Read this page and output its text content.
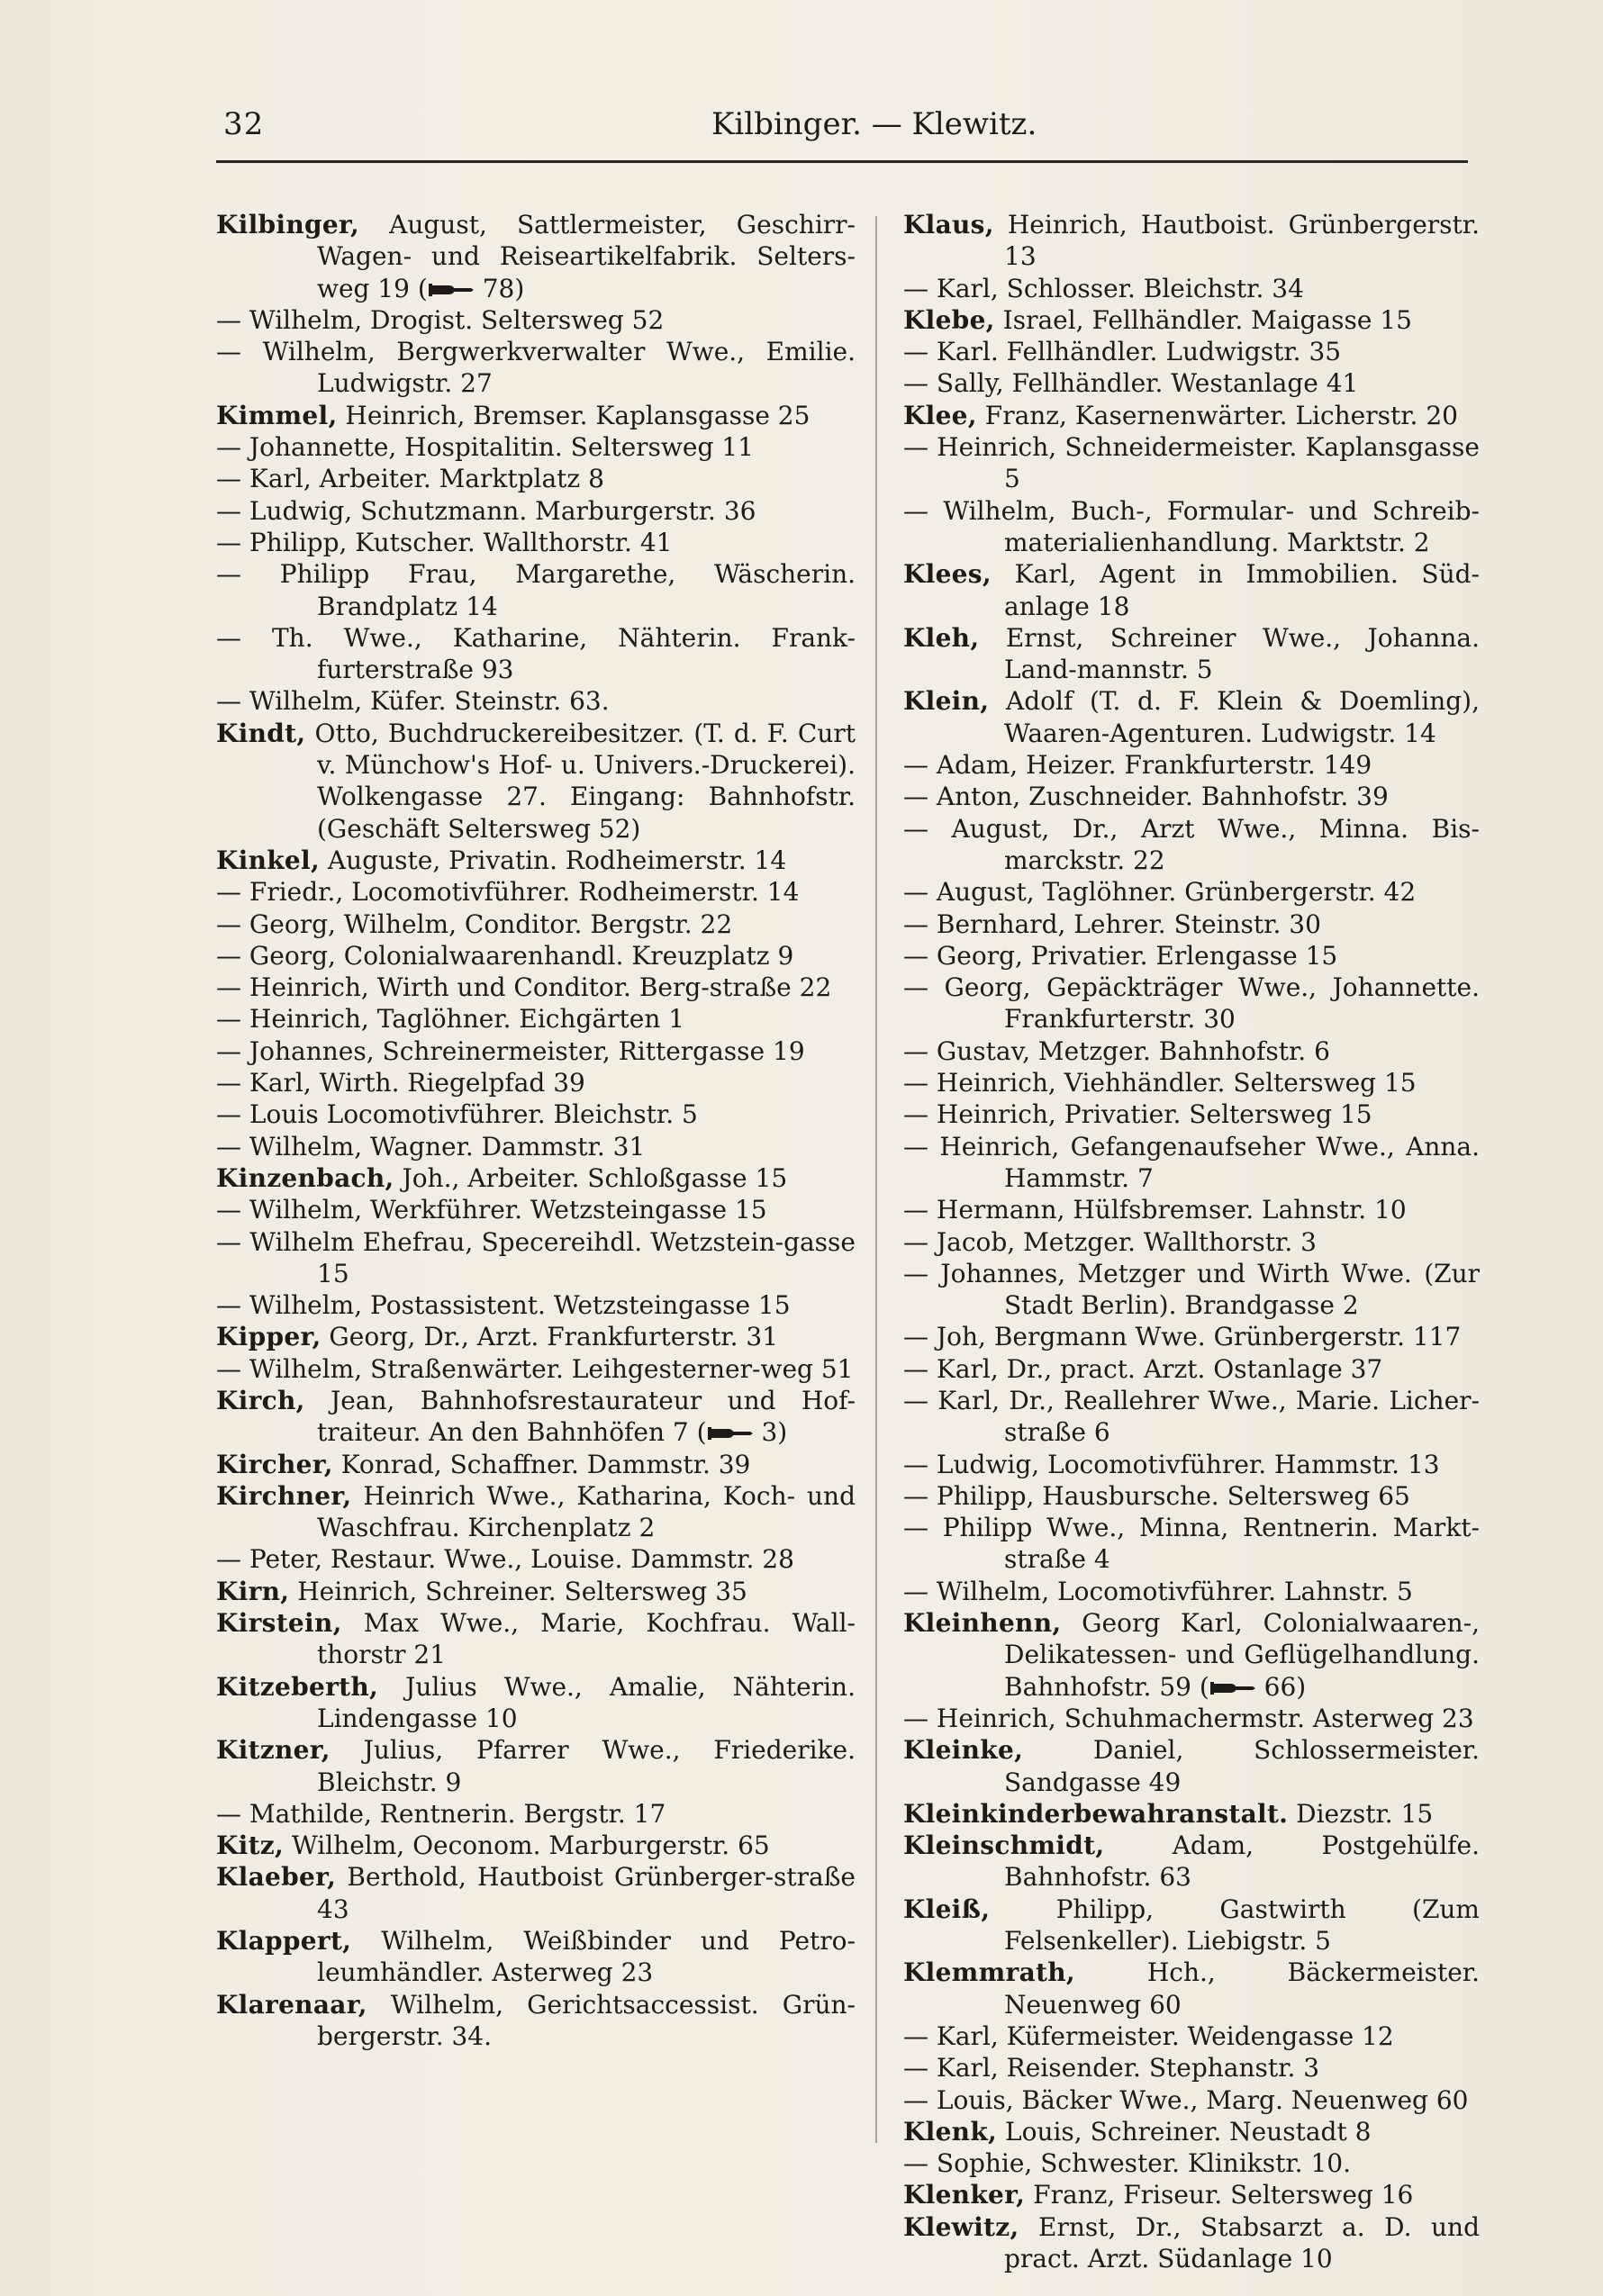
32	Kilbinger. — Klewitz.
Kilbinger, August, Sattlermeister, Geschirr- Wagen- und Reiseartikelfabrik. Selters-weg 19 ( 78)
— Wilhelm, Drogist. Seltersweg 52
— Wilhelm, Bergwerkverwalter Wwe., Emilie. Ludwigstr. 27
Kimmel, Heinrich, Bremser. Kaplansgasse 25
— Johannette, Hospitalitin. Seltersweg 11
— Karl, Arbeiter. Marktplatz 8
— Ludwig, Schutzmann. Marburgerstr. 36
— Philipp, Kutscher. Wallthorstr. 41
— Philipp Frau, Margarethe, Wäscherin. Brandplatz 14
— Th. Wwe., Katharine, Nähterin. Frank-furterstraße 93
— Wilhelm, Küfer. Steinstr. 63.
Kindt, Otto, Buchdruckereibesitzer. (T. d. F. Curt v. Münchow's Hof- u. Univers.-Druckerei). Wolkengasse 27. Eingang: Bahnhofstr. (Geschäft Seltersweg 52)
Kinkel, Auguste, Privatin. Rodheimerstr. 14
— Friedr., Locomotivführer. Rodheimerstr. 14
— Georg, Wilhelm, Conditor. Bergstr. 22
— Georg, Colonialwaarenhandl. Kreuzplatz 9
— Heinrich, Wirth und Conditor. Berg-straße 22
— Heinrich, Taglöhner. Eichgärten 1
— Johannes, Schreinermeister, Rittergasse 19
— Karl, Wirth. Riegelpfad 39
— Louis Locomotivführer. Bleichstr. 5
— Wilhelm, Wagner. Dammstr. 31
Kinzenbach, Joh., Arbeiter. Schloßgasse 15
— Wilhelm, Werkführer. Wetzsteingasse 15
— Wilhelm Ehefrau, Specereihdl. Wetzstein-gasse 15
— Wilhelm, Postassistent. Wetzsteingasse 15
Kipper, Georg, Dr., Arzt. Frankfurterstr. 31
— Wilhelm, Straßenwärter. Leihgesterner-weg 51
Kirch, Jean, Bahnhofsrestaurateur und Hof-traiteur. An den Bahnhöfen 7 ( 3)
Kircher, Konrad, Schaffner. Dammstr. 39
Kirchner, Heinrich Wwe., Katharina, Koch- und Waschfrau. Kirchenplatz 2
— Peter, Restaur. Wwe., Louise. Dammstr. 28
Kirn, Heinrich, Schreiner. Seltersweg 35
Kirstein, Max Wwe., Marie, Kochfrau. Wall-thorstr 21
Kitzeberth, Julius Wwe., Amalie, Nähterin. Lindengasse 10
Kitzner, Julius, Pfarrer Wwe., Friederike. Bleichstr. 9
— Mathilde, Rentnerin. Bergstr. 17
Kitz, Wilhelm, Oeconom. Marburgerstr. 65
Klaeber, Berthold, Hautboist Grünberger-straße 43
Klappert, Wilhelm, Weißbinder und Petro-leumhändler. Asterweg 23
Klarenaar, Wilhelm, Gerichtsaccessist. Grün-bergerstr. 34.
Klaus, Heinrich, Hautboist. Grünbergerstr. 13
— Karl, Schlosser. Bleichstr. 34
Klebe, Israel, Fellhändler. Maigasse 15
— Karl. Fellhändler. Ludwigstr. 35
— Sally, Fellhändler. Westanlage 41
Klee, Franz, Kasernenwärter. Licherstr. 20
— Heinrich, Schneidermeister. Kaplansgasse 5
— Wilhelm, Buch-, Formular- und Schreib-materialienhandlung. Marktstr. 2
Klees, Karl, Agent in Immobilien. Süd-anlage 18
Kleh, Ernst, Schreiner Wwe., Johanna. Land-mannstr. 5
Klein, Adolf (T. d. F. Klein & Doemling), Waaren-Agenturen. Ludwigstr. 14
— Adam, Heizer. Frankfurterstr. 149
— Anton, Zuschneider. Bahnhofstr. 39
— August, Dr., Arzt Wwe., Minna. Bis-marckstr. 22
— August, Taglöhner. Grünbergerstr. 42
— Bernhard, Lehrer. Steinstr. 30
— Georg, Privatier. Erlengasse 15
— Georg, Gepäckträger Wwe., Johannette. Frankfurterstr. 30
— Gustav, Metzger. Bahnhofstr. 6
— Heinrich, Viehhändler. Seltersweg 15
— Heinrich, Privatier. Seltersweg 15
— Heinrich, Gefangenaufseher Wwe., Anna. Hammstr. 7
— Hermann, Hülfsbremser. Lahnstr. 10
— Jacob, Metzger. Wallthorstr. 3
— Johannes, Metzger und Wirth Wwe. (Zur Stadt Berlin). Brandgasse 2
— Joh, Bergmann Wwe. Grünbergerstr. 117
— Karl, Dr., pract. Arzt. Ostanlage 37
— Karl, Dr., Reallehrer Wwe., Marie. Licher-straße 6
— Ludwig, Locomotivführer. Hammstr. 13
— Philipp, Hausbursche. Seltersweg 65
— Philipp Wwe., Minna, Rentnerin. Markt-straße 4
— Wilhelm, Locomotivführer. Lahnstr. 5
Kleinhenn, Georg Karl, Colonialwaaren-, Delikatessen- und Geflügelhandlung. Bahnhofstr. 59 ( 66)
— Heinrich, Schuhmachermstr. Asterweg 23
Kleinke, Daniel, Schlossermeister. Sandgasse 49
Kleinkinderbewahranstalt. Diezstr. 15
Kleinschmidt, Adam, Postgehülfe. Bahnhofstr. 63
Kleiß, Philipp, Gastwirth (Zum Felsenkeller). Liebigstr. 5
Klemmrath, Hch., Bäckermeister. Neuenweg 60
— Karl, Küfermeister. Weidengasse 12
— Karl, Reisender. Stephanstr. 3
— Louis, Bäcker Wwe., Marg. Neuenweg 60
Klenk, Louis, Schreiner. Neustadt 8
— Sophie, Schwester. Klinikstr. 10.
Klenker, Franz, Friseur. Seltersweg 16
Klewitz, Ernst, Dr., Stabsarzt a. D. und pract. Arzt. Südanlage 10
